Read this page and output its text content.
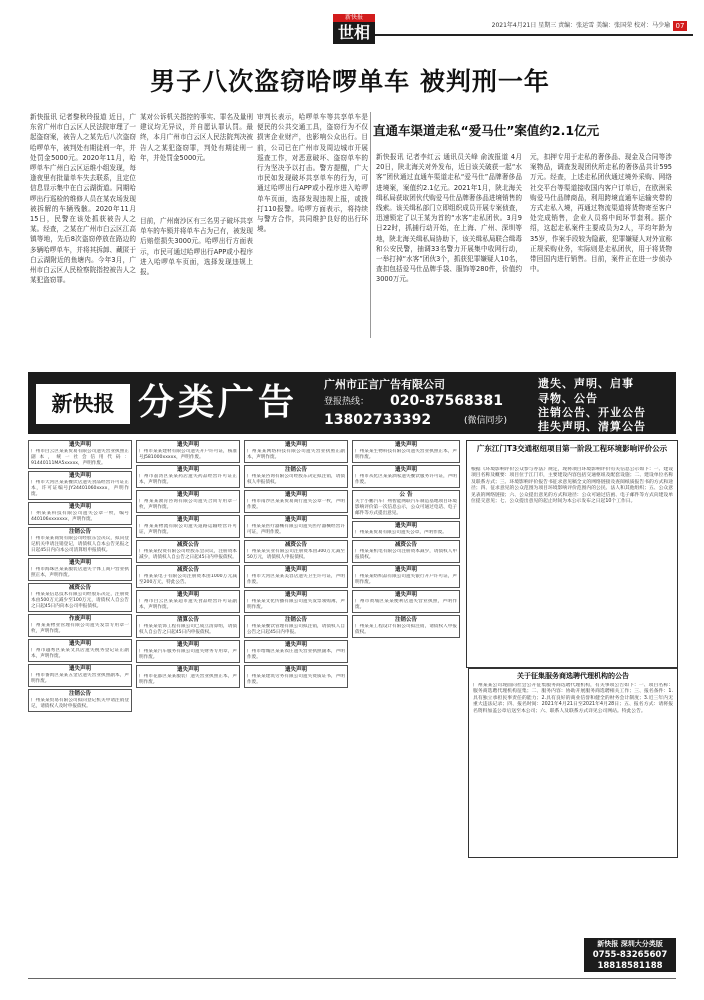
新快报
世相	2021年4月21日 星期三 责编：张运雪 美编：张国荣 校对：马少瑜 07
男子八次盗窃哈啰单车 被判刑一年
新快报讯 记者黎秋玲报道 近日，广东省广州市白云区人民法院审理了一起盗窃案，被告人之某先后八次盗窃哈啰单车，被判处有期徒刑一年，并处罚金5000元。2020年11月，哈啰单车广州白云区运维小组发现，每逢夜里有批量单车失去联系，且定位信息显示集中在白云湖街道。同期哈啰出行巡检的维修人员在某农场发现被拆解的车辆残骸。2020年11月15日，民警在该处抓获被告人之某。经查，之某在广州市白云区江高镇等地，先后8次盗窃停放在路边的多辆哈啰单车，并将其拆卸、藏匿于白云湖附近的鱼塘内。今年3月，广州市白云区人民检察院指控被告人之某犯盗窃罪。
某对公诉机关指控的事实、罪名及量刑建议均无异议，并自愿认罪认罚。最终，本月广州市白云区人民法院判决被告人之某犯盗窃罪，判处有期徒刑一年，并处罚金5000元。
目前，广州南沙区有三名男子破坏共享单车的车锁并将单车占为己有，被发现后赔偿损失3000元。哈啰出行方面表示，市民可通过哈啰出行APP或小程序进入哈啰单车页面，选择发现违规上报。
审判长表示，哈啰单车等共享单车是便民的公共交通工具，盗窃行为不仅损害企业财产，也影响公众出行。目前，公司已在广州市及周边城市开展巡查工作，对恶意破坏、盗窃单车的行为坚决予以打击。警方提醒，广大市民如发现破坏共享单车的行为，可通过哈啰出行APP或小程序进入哈啰单车页面，选择发现违规上报，或拨打110报警。哈啰方面表示，将持续与警方合作，共同维护良好的出行环境。
直通车渠道走私“爱马仕”案值约2.1亿元
新快报讯 记者李红云 通讯员关峰 俞波报道 4月20日，陕北海关对外发布，近日该关破获一起“水客”团伙通过直通车渠道走私“爱马仕”品牌奢侈品进境案，案值约2.1亿元。2021年1月，陕北海关缉私局获取团伙代购爱马仕品牌奢侈品进境销售的线索。该关缉私部门立即组织成员开展专案侦查，迅速锁定了以王某为首的“水客”走私团伙。3月9日22时，抓捕行动开始，在上海、广州、深圳等地，陕北海关缉私局协助下，该关缉私局联合缉毒和公安民警，抽调33名警力开展集中收网行动，一举打掉“水客”团伙3个，抓获犯罪嫌疑人10名，查扣包括爱马仕品牌手袋、服饰等280件，价值约3000万元。
元，扣押专用于走私的奢侈品、现金及合同等涉案物品，调查发现团伙所走私的奢侈品共计595万元。经查，上述走私团伙通过境外采购、网络社交平台等渠道接收国内客户订单后，在欧洲采购爱马仕品牌商品，利用跨境直通车运输夹带的方式走私入境，再通过物流渠道将货物寄至客户处完成销售，企业人员将中间环节套利。据介绍，这起走私案件主要成员为2人，平均年龄为35岁，作案手段较为隐蔽，犯罪嫌疑人对外宣称正规采购业务，实际则是走私团伙，用于将货物带回国内进行销售。目前，案件正在进一步侦办中。
新快报 分类广告	广州市正言广告有限公司
登报热线：	020-87568381
13802733392	(微信同步)
遗失、声明、启事
寻物、公告
注销公告、开业公告
挂失声明、清算公告
遗失声明
广州市白云区某某贸易有限公司遗失营业执照正副本，统一社会信用代码：91440111MA5xxxxx，声明作废。
遗失声明
广州市天河区某某餐饮店遗失食品经营许可证正本，许可证编号JY24401060xxxx，声明作废。
遗失声明
广州某某科技有限公司遗失公章一枚，编号440106xxxxxxx，声明作废。
注销公告
广州市某某商贸有限公司经股东会决议，拟向登记机关申请注销登记，请债权人自本公告见报之日起45日内向本公司清算组申报债权。
遗失声明
广州市海珠区某某服装店遗失个体工商户营业执照正本，声明作废。
减资公告
广州某某信息技术有限公司经股东决定，注册资本由500万元减少至100万元，请债权人自公告之日起45日内向本公司申报债权。
作废声明
广州某某物业管理有限公司遗失发票专用章一枚，声明作废。
遗失声明
广州市越秀区某某文具店遗失税务登记证正副本，声明作废。
遗失声明
广州市番禺区某某五金店遗失营业执照副本，声明作废。
注销公告
广州某某贸易有限公司拟向登记机关申请注销登记，请债权人及时申报债权。
遗失声明
广州市某某建材有限公司遗失开户许可证，核准号J581000xxxxx，声明作废。
遗失声明
广州市荔湾区某某药店遗失药品经营许可证正本，声明作废。
遗失声明
广州某某教育咨询有限公司遗失合同专用章一枚，声明作废。
遗失声明
广州某某物流有限公司遗失道路运输经营许可证，声明作废。
减资公告
广州某某投资有限公司经股东会决议，注册资本减少，请债权人自公告之日起45日内申报债权。
减资公告
广州某某电子有限公司注册资本由1000万元减至200万元，特此公告。
遗失声明
广州市白云区某某超市遗失食品经营许可证副本，声明作废。
清算公告
广州某某装饰工程有限公司已成立清算组，请债权人自公告之日起45日内申报债权。
遗失声明
广州某某汽车服务有限公司遗失财务专用章，声明作废。
遗失声明
广州市花都区某某服装厂遗失营业执照正本，声明作废。
遗失声明
广州某某网络科技有限公司遗失营业执照正副本，声明作废。
注销公告
广州某某咨询有限公司经股东决定拟注销，请债权人申报债权。
遗失声明
广州市南沙区某某贸易商行遗失公章一枚，声明作废。
遗失声明
广州某某医疗器械有限公司遗失医疗器械经营许可证，声明作废。
减资公告
广州某某实业有限公司注册资本由300万元减至50万元，请债权人申报债权。
遗失声明
广州市天河区某某美容店遗失卫生许可证，声明作废。
遗失声明
广州某某文化传播有限公司遗失发票领购簿，声明作废。
注销公告
广州某某餐饮管理有限公司拟注销，请债权人自公告之日起45日内申报。
遗失声明
广州市增城区某某农庄遗失营业执照副本，声明作废。
遗失声明
广州某某建筑劳务有限公司遗失资质证书，声明作废。
遗失声明
广州某某生物科技有限公司遗失营业执照正本，声明作废。
遗失声明
广州市从化区某某酒家遗失餐饮服务许可证，声明作废。
公 告
关于小鹏汽车广州智能网联汽车制造基地项目环境影响评价第一次信息公示，公众可通过电话、电子邮件等方式提出意见。
遗失声明
广州某某贸易有限公司遗失公章，声明作废。
减资公告
广州某某机电有限公司注册资本减少，请债权人申报债权。
遗失声明
广州某某纺织品有限公司遗失银行开户许可证，声明作废。
遗失声明
广州市黄埔区某某便利店遗失营业执照，声明作废。
注销公告
广州某某工程设计有限公司拟注销，请债权人申报债权。
广东江门T3交通枢纽项目第一阶段工程环境影响评价公示
根据《环境影响评价公众参与办法》规定，现将项目环境影响评价有关信息公示如下：一、建设项目名称及概要：项目位于江门市，主要建设内容包括交通枢纽及配套设施；二、建设单位名称及联系方式；三、环境影响评价报告书征求意见稿全文的网络链接及查阅纸质报告书的方式和途径；四、征求意见的公众范围为项目环境影响评价范围内的公民、法人和其他组织；五、公众意见表的网络链接；六、公众提出意见的方式和途径：公众可通过信函、电子邮件等方式向建设单位提交意见；七、公众提出意见的起止时间为本公示发布之日起10个工作日。
关于征集服务商选聘代理机构的公告
广州某某公司现面向社会公开征集服务商选聘代理机构，有关事项公告如下：一、项目名称：服务商选聘代理机构征集；二、服务内容：协助开展服务商选聘相关工作；三、报名条件：1.具有独立承担民事责任的能力；2.具有良好的商业信誉和健全的财务会计制度；3.近三年内无重大违法记录；四、报名时间：2021年4月21日至2021年4月28日；五、报名方式：请将报名资料加盖公章后送至本公司；六、联系人及联系方式详见公司网站。特此公告。
新快报 深圳大分类版
0755-83265607
18818581188
